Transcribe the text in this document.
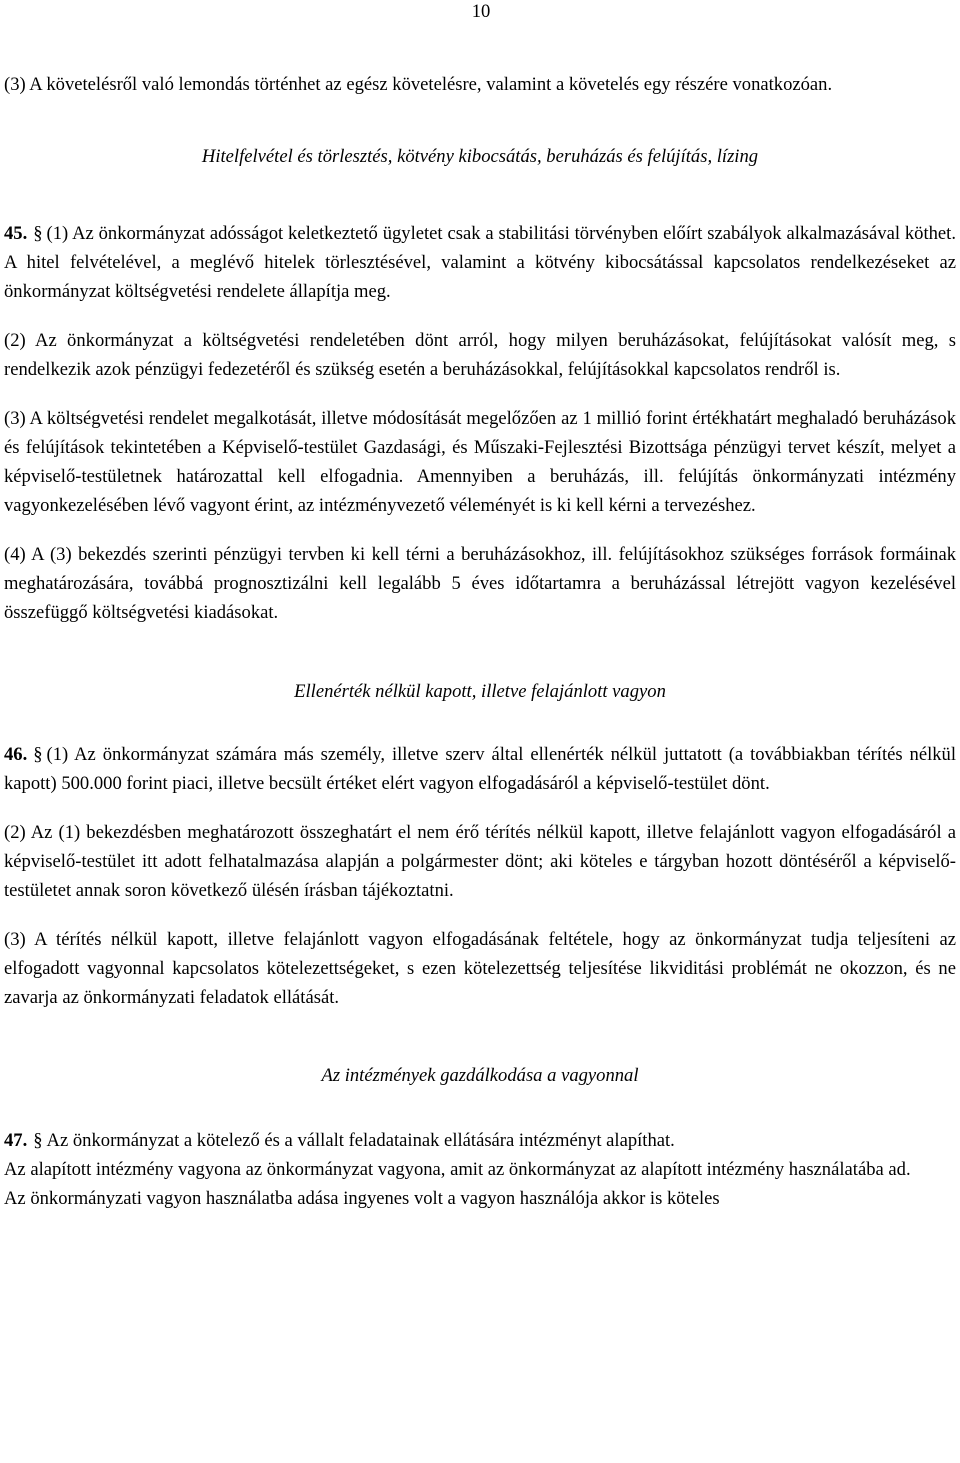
10

(3) A követelésről való lemondás történhet az egész követelésre, valamint a követelés egy részére vonatkozóan.

Hitelfelvétel és törlesztés, kötvény kibocsátás, beruházás és felújítás, lízing

45. § (1) Az önkormányzat adósságot keletkeztető ügyletet csak a stabilitási törvényben előírt szabályok alkalmazásával köthet. A hitel felvételével, a meglévő hitelek törlesztésével, valamint a kötvény kibocsátással kapcsolatos rendelkezéseket az önkormányzat költségvetési rendelete állapítja meg.

(2) Az önkormányzat a költségvetési rendeletében dönt arról, hogy milyen beruházásokat, felújításokat valósít meg, s rendelkezik azok pénzügyi fedezetéről és szükség esetén a beruházásokkal, felújításokkal kapcsolatos rendről is.

(3) A költségvetési rendelet megalkotását, illetve módosítását megelőzően az 1 millió forint értékhatárt meghaladó beruházások és felújítások tekintetében a Képviselő-testület Gazdasági, és Műszaki-Fejlesztési Bizottsága pénzügyi tervet készít, melyet a képviselő-testületnek határozattal kell elfogadnia. Amennyiben a beruházás, ill. felújítás önkormányzati intézmény vagyonkezelésében lévő vagyont érint, az intézményvezető véleményét is ki kell kérni a tervezéshez.

(4) A (3) bekezdés szerinti pénzügyi tervben ki kell térni a beruházásokhoz, ill. felújításokhoz szükséges források formáinak meghatározására, továbbá prognosztizálni kell legalább 5 éves időtartamra a beruházással létrejött vagyon kezelésével összefüggő költségvetési kiadásokat.

Ellenérték nélkül kapott, illetve felajánlott vagyon

46. § (1) Az önkormányzat számára más személy, illetve szerv által ellenérték nélkül juttatott (a továbbiakban térítés nélkül kapott) 500.000 forint piaci, illetve becsült értéket elért vagyon elfogadásáról a képviselő-testület dönt.

(2) Az (1) bekezdésben meghatározott összeghatárt el nem érő térítés nélkül kapott, illetve felajánlott vagyon elfogadásáról a képviselő-testület itt adott felhatalmazása alapján a polgármester dönt; aki köteles e tárgyban hozott döntéséről a képviselő-testületet annak soron következő ülésén írásban tájékoztatni.

(3) A térítés nélkül kapott, illetve felajánlott vagyon elfogadásának feltétele, hogy az önkormányzat tudja teljesíteni az elfogadott vagyonnal kapcsolatos kötelezettségeket, s ezen kötelezettség teljesítése likviditási problémát ne okozzon, és ne zavarja az önkormányzati feladatok ellátását.

Az intézmények gazdálkodása a vagyonnal

47. § Az önkormányzat a kötelező és a vállalt feladatainak ellátására intézményt alapíthat.

Az alapított intézmény vagyona az önkormányzat vagyona, amit az önkormányzat az alapított intézmény használatába ad.

Az önkormányzati vagyon használatba adása ingyenes volt a vagyon használója akkor is köteles
